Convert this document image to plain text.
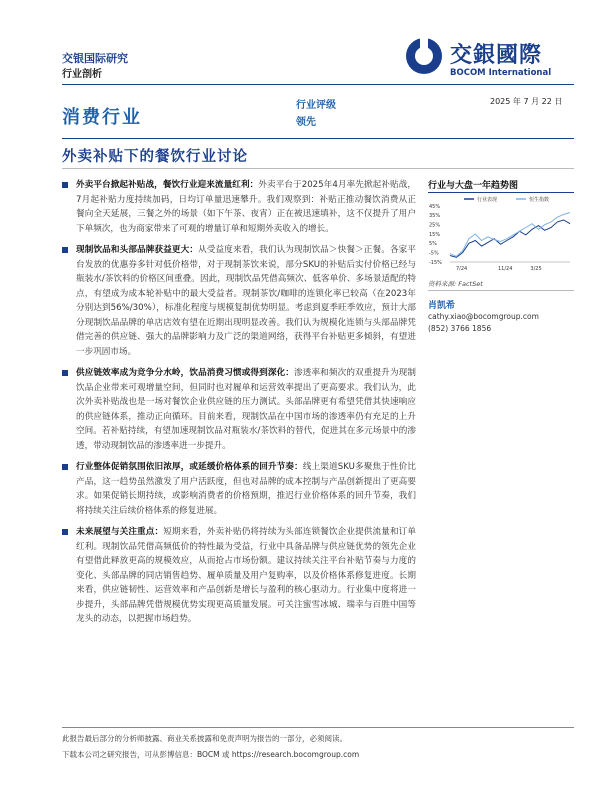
交银国际研究
行业剖析
交銀國際
BOCOM International
消费行业
行业评级
领先
2025 年 7 月 22 日
外卖补贴下的餐饮行业讨论
外卖平台掀起补贴战，餐饮行业迎来流量红利：外卖平台于2025年4月率先掀起补贴战，7月起补贴力度持续加码，日均订单量迅速攀升。我们观察到：补贴正推动餐饮消费从正餐向全天延展，三餐之外的场景（如下午茶、夜宵）正在被迅速填补，这不仅提升了用户下单频次，也为商家带来了可观的增量订单和短期外卖收入的增长。
现制饮品和头部品牌获益更大：从受益度来看，我们认为现制饮品＞快餐＞正餐。各家平台发放的优惠券多针对低价格带，对于现制茶饮来说，部分SKU的补贴后实付价格已经与瓶装水/茶饮料的价格区间重叠。因此，现制饮品凭借高频次、低客单价、多场景适配的特点，有望成为成本轮补贴中的最大受益者。现制茶饮/咖啡的连锁化率已较高（在2023年分别达到56%/30%），标准化程度与规模复制优势明显。考虑到夏季旺季效应，预计大部分现制饮品品牌的单店店效有望在近期出现明显改善。我们认为规模化连锁与头部品牌凭借完善的供应链、强大的品牌影响力及广泛的渠道网络，获得平台补贴更多倾斜，有望进一步巩固市场。
供应链效率成为竞争分水岭，饮品消费习惯或得到深化：渗透率和频次的双重提升为现制饮品企业带来可观增量空间，但同时也对履单和运营效率提出了更高要求。我们认为，此次外卖补贴战也是一场对餐饮企业供应链的压力测试。头部品牌更有希望凭借其快速响应的供应链体系，推动正向循环。目前来看，现制饮品在中国市场的渗透率仍有充足的上升空间。若补贴持续，有望加速现制饮品对瓶装水/茶饮料的替代，促进其在多元场景中的渗透，带动现制饮品的渗透率进一步提升。
行业整体促销氛围依旧浓厚，或延缓价格体系的回升节奏：线上渠道SKU多聚焦于性价比产品，这一趋势虽然激发了用户活跃度，但也对品牌的成本控制与产品创新提出了更高要求。如果促销长期持续，或影响消费者的价格预期，推迟行业价格体系的回升节奏，我们将持续关注后续价格体系的修复进展。
未来展望与关注重点：短期来看，外卖补贴仍将持续为头部连锁餐饮企业提供流量和订单红利。现制饮品凭借高频低价的特性最为受益，行业中具备品牌与供应链优势的领先企业有望借此释放更高的规模效应，从而抢占市场份额。建议持续关注平台补贴节奏与力度的变化、头部品牌的同店销售趋势、履单质量及用户复购率，以及价格体系修复进度。长期来看，供应链韧性、运营效率和产品创新是增长与盈利的核心驱动力。行业集中度将进一步提升，头部品牌凭借规模优势实现更高质量发展。可关注蜜雪冰城、瑞幸与百胜中国等龙头的动态，以把握市场趋势。
行业与大盘一年趋势图
行业表现	恒生指数
45%
35%
25%
15%
5%
-5%
-15%
7/24	11/24	3/25
资料来源: FactSet
肖凯希
cathy.xiao@bocomgroup.com
(852) 3766 1856
此报告最后部分的分析师披露、商业关系披露和免责声明为报告的一部分，必须阅读。
下载本公司之研究报告，可从彭博信息：BOCM 或 https://research.bocomgroup.com
